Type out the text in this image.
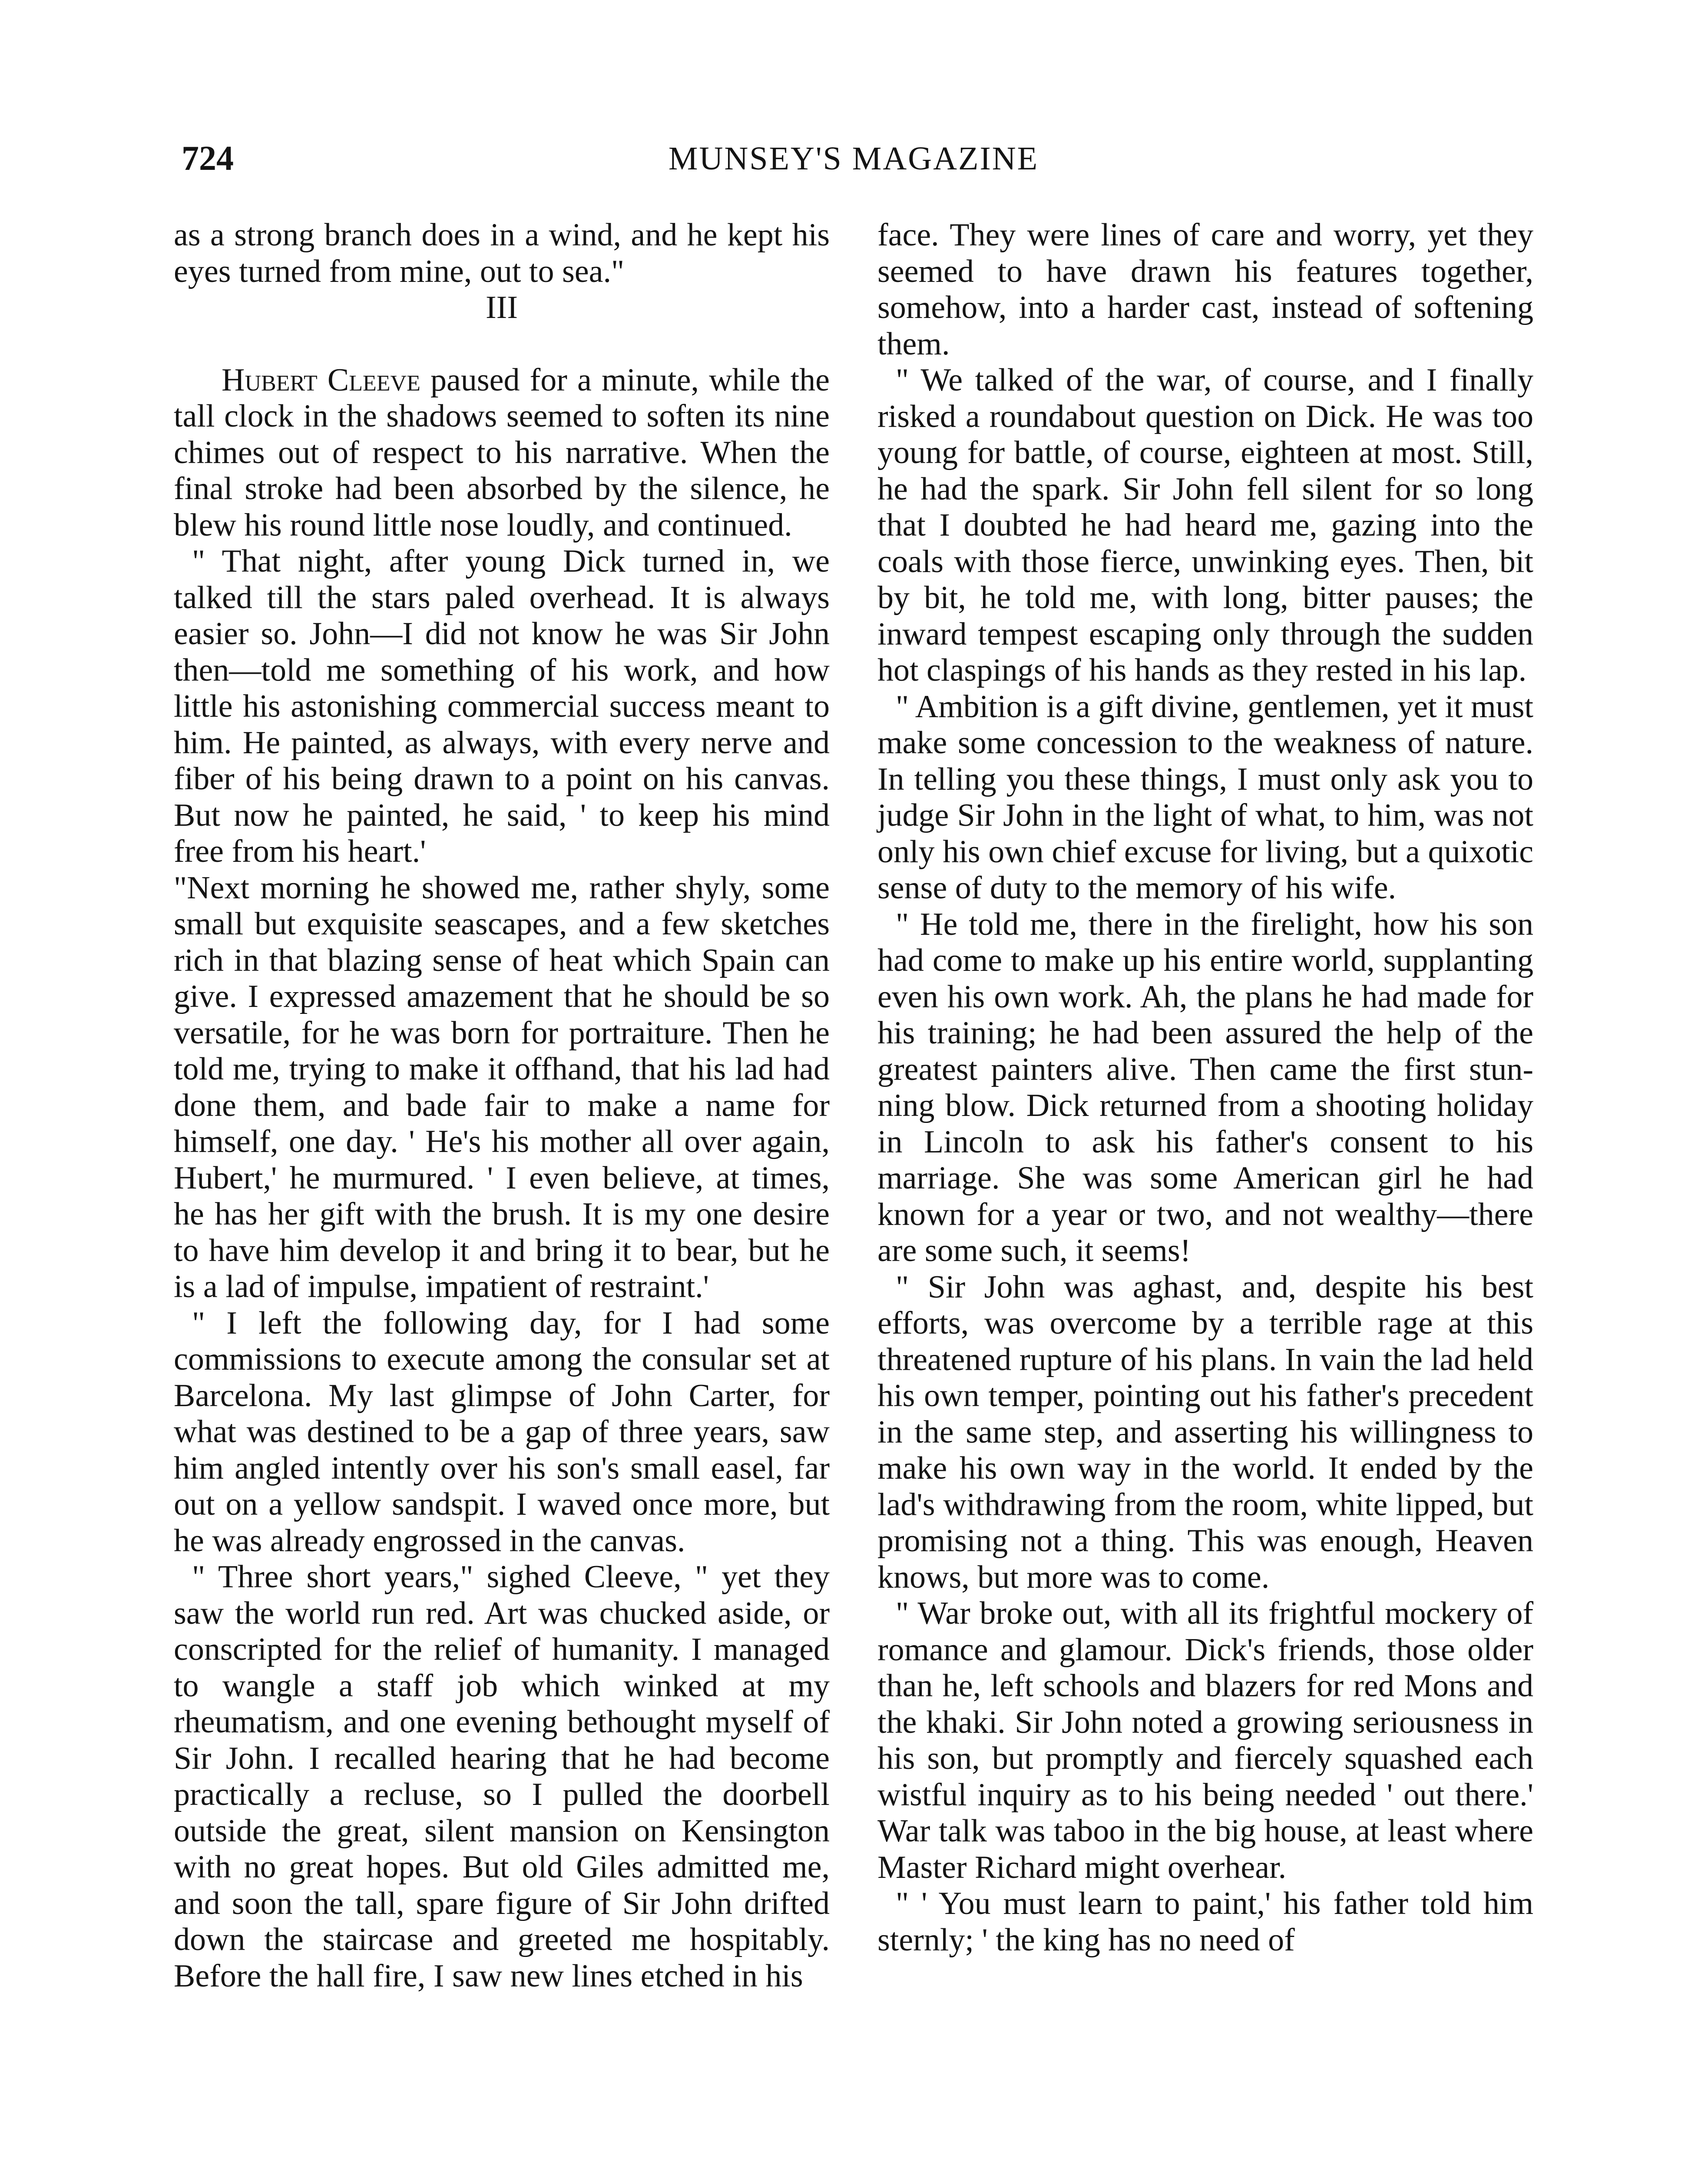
724	MUNSEY'S MAGAZINE

as a strong branch does in a wind, and he kept his eyes turned from mine, out to sea."

III

Hubert Cleeve paused for a minute, while the tall clock in the shadows seemed to soften its nine chimes out of respect to his narrative. When the final stroke had been absorbed by the silence, he blew his round little nose loudly, and continued.

" That night, after young Dick turned in, we talked till the stars paled overhead. It is always easier so. John—I did not know he was Sir John then—told me something of his work, and how little his astonishing commercial success meant to him. He painted, as always, with every nerve and fiber of his being drawn to a point on his canvas. But now he painted, he said, ' to keep his mind free from his heart.'

"Next morning he showed me, rather shyly, some small but exquisite seascapes, and a few sketches rich in that blazing sense of heat which Spain can give. I expressed amazement that he should be so versatile, for he was born for portraiture. Then he told me, trying to make it offhand, that his lad had done them, and bade fair to make a name for himself, one day. ' He's his mother all over again, Hubert,' he murmured. ' I even believe, at times, he has her gift with the brush. It is my one desire to have him develop it and bring it to bear, but he is a lad of impulse, impatient of restraint.'

" I left the following day, for I had some commissions to execute among the consular set at Barcelona. My last glimpse of John Carter, for what was destined to be a gap of three years, saw him angled intently over his son's small easel, far out on a yellow sandspit. I waved once more, but he was already engrossed in the canvas.

" Three short years," sighed Cleeve, " yet they saw the world run red. Art was chucked aside, or conscripted for the relief of humanity. I managed to wangle a staff job which winked at my rheumatism, and one evening bethought myself of Sir John. I recalled hearing that he had become practically a recluse, so I pulled the doorbell outside the great, silent mansion on Kensington with no great hopes. But old Giles admitted me, and soon the tall, spare figure of Sir John drifted down the staircase and greeted me hospitably. Before the hall fire, I saw new lines etched in his

face. They were lines of care and worry, yet they seemed to have drawn his features together, somehow, into a harder cast, instead of softening them.

" We talked of the war, of course, and I finally risked a roundabout question on Dick. He was too young for battle, of course, eighteen at most. Still, he had the spark. Sir John fell silent for so long that I doubted he had heard me, gazing into the coals with those fierce, unwinking eyes. Then, bit by bit, he told me, with long, bitter pauses; the inward tempest escaping only through the sudden hot claspings of his hands as they rested in his lap.

" Ambition is a gift divine, gentlemen, yet it must make some concession to the weakness of nature. In telling you these things, I must only ask you to judge Sir John in the light of what, to him, was not only his own chief excuse for living, but a quixotic sense of duty to the memory of his wife.

" He told me, there in the firelight, how his son had come to make up his entire world, supplanting even his own work. Ah, the plans he had made for his training; he had been assured the help of the greatest painters alive. Then came the first stunning blow. Dick returned from a shooting holiday in Lincoln to ask his father's consent to his marriage. She was some American girl he had known for a year or two, and not wealthy—there are some such, it seems!

" Sir John was aghast, and, despite his best efforts, was overcome by a terrible rage at this threatened rupture of his plans. In vain the lad held his own temper, pointing out his father's precedent in the same step, and asserting his willingness to make his own way in the world. It ended by the lad's withdrawing from the room, white lipped, but promising not a thing. This was enough, Heaven knows, but more was to come.

" War broke out, with all its frightful mockery of romance and glamour. Dick's friends, those older than he, left schools and blazers for red Mons and the khaki. Sir John noted a growing seriousness in his son, but promptly and fiercely squashed each wistful inquiry as to his being needed ' out there.' War talk was taboo in the big house, at least where Master Richard might overhear.

" ' You must learn to paint,' his father told him sternly; ' the king has no need of
